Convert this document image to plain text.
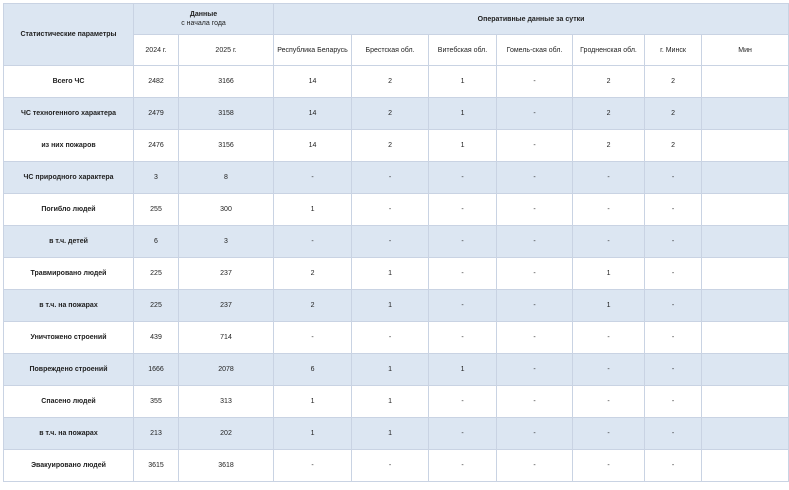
Статистические параметры	Данные
с начала года		Оперативные данные за сутки							
	2024 г.	2025 г.	Республика Беларусь	Брестская обл.	Витебская обл.	Гомель-ская обл.	Гродненская обл.	г. Минск	Мин	
Всего ЧС	2482	3166	14	2	1	-	2	2		
ЧС техногенного характера	2479	3158	14	2	1	-	2	2		
из них пожаров	2476	3156	14	2	1	-	2	2		
ЧС природного характера	3	8	-	-	-	-	-	-		
Погибло людей	255	300	1	-	-	-	-	-		
в т.ч. детей	6	3	-	-	-	-	-	-		
Травмировано людей	225	237	2	1	-	-	1	-		
в т.ч. на пожарах	225	237	2	1	-	-	1	-		
Уничтожено строений	439	714	-	-	-	-	-	-		
Повреждено строений	1666	2078	6	1	1	-	-	-		
Спасено людей	355	313	1	1	-	-	-	-		
в т.ч. на пожарах	213	202	1	1	-	-	-	-		
Эвакуировано людей	3615	3618	-	-	-	-	-	-		
